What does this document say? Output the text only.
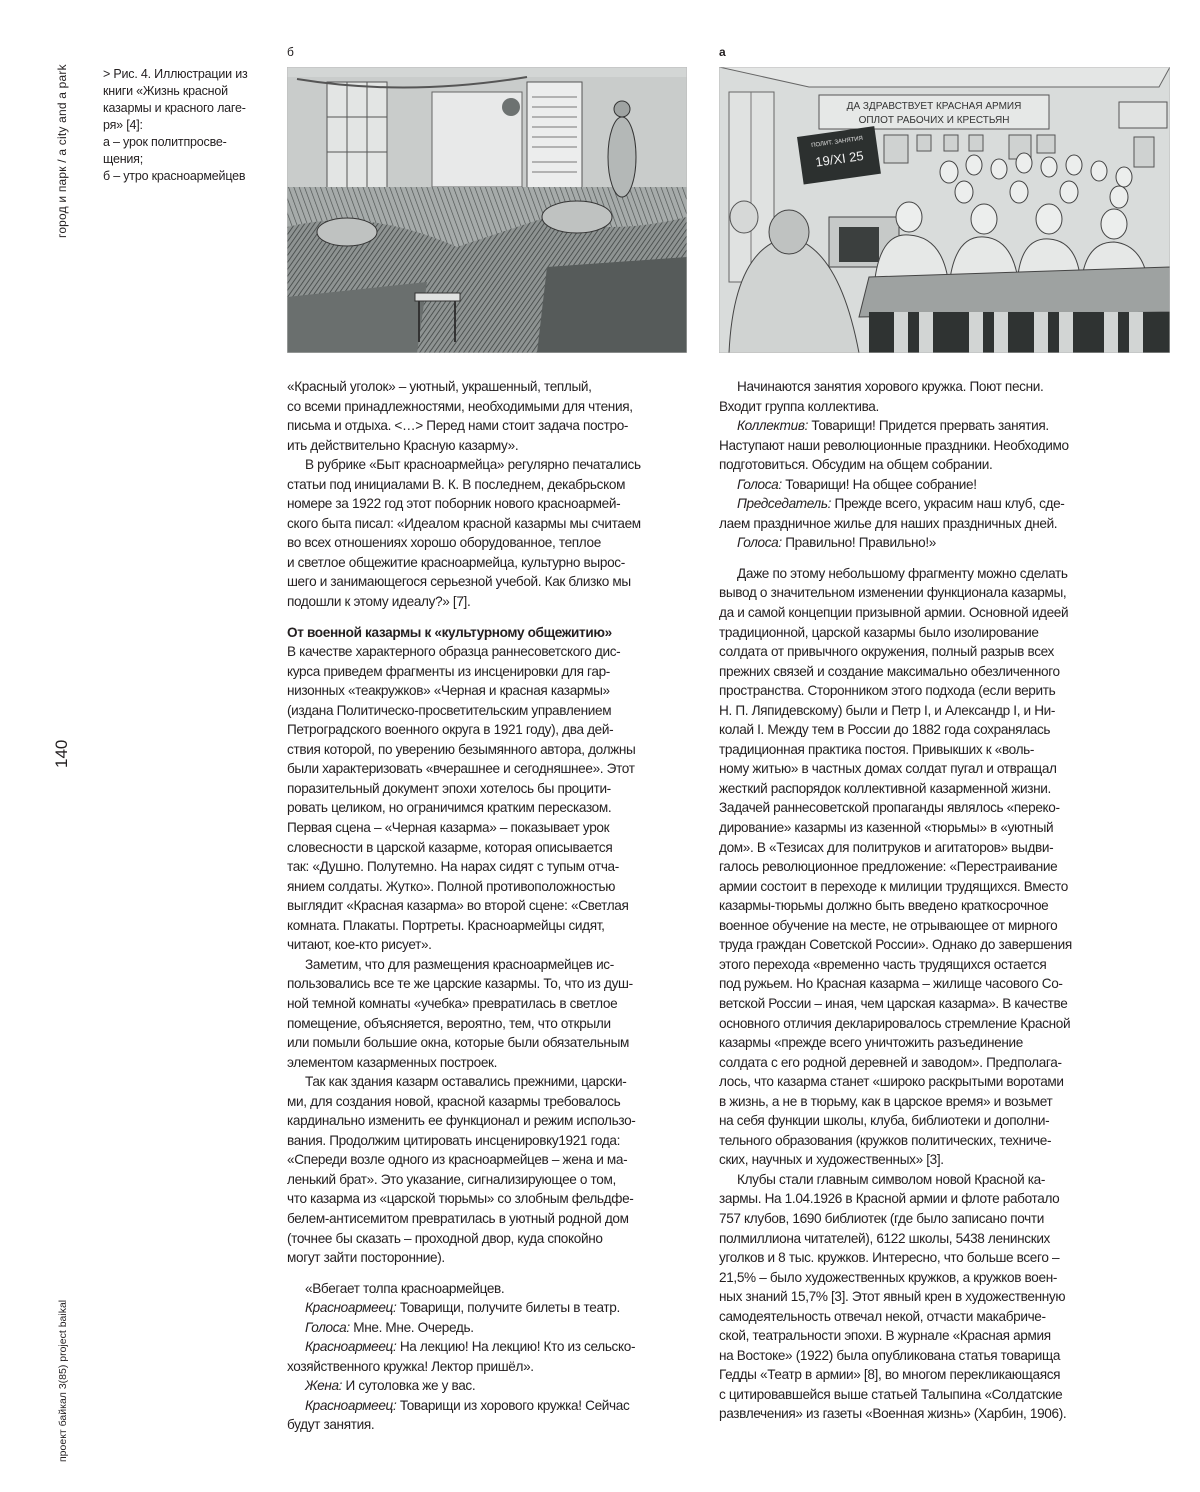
город и парк / a city and a park
140
проект байкал 3(85) project baikal
> Рис. 4. Иллюстрации из
книги «Жизнь красной
казармы и красного лаге-
ря» [4]:
а – урок политпросве-
щения;
б – утро красноармейцев
б	а
ДА ЗДРАВСТВУЕТ КРАСНАЯ АРМИЯ
ОПЛОТ РАБОЧИХ И КРЕСТЬЯН
ПОЛИТ. ЗАНЯТИЯ
19/XI 25
«Красный уголок» – уютный, украшенный, теплый,
со всеми принадлежностями, необходимыми для чтения,
письма и отдыха. <…> Перед нами стоит задача постро-
ить действительно Красную казарму».
В рубрике «Быт красноармейца» регулярно печатались
статьи под инициалами В. К. В последнем, декабрьском
номере за 1922 год этот поборник нового красноармей-
ского быта писал: «Идеалом красной казармы мы считаем
во всех отношениях хорошо оборудованное, теплое
и светлое общежитие красноармейца, культурно вырос-
шего и занимающегося серьезной учебой. Как близко мы
подошли к этому идеалу?» [7].
От военной казармы к «культурному общежитию»
В качестве характерного образца раннесоветского дис-
курса приведем фрагменты из инсценировки для гар-
низонных «теакружков» «Черная и красная казармы»
(издана Политическо-просветительским управлением
Петроградского военного округа в 1921 году), два дей-
ствия которой, по уверению безымянного автора, должны
были характеризовать «вчерашнее и сегодняшнее». Этот
поразительный документ эпохи хотелось бы процити-
ровать целиком, но ограничимся кратким пересказом.
Первая сцена – «Черная казарма» – показывает урок
словесности в царской казарме, которая описывается
так: «Душно. Полутемно. На нарах сидят с тупым отча-
янием солдаты. Жутко». Полной противоположностью
выглядит «Красная казарма» во второй сцене: «Светлая
комната. Плакаты. Портреты. Красноармейцы сидят,
читают, кое-кто рисует».
Заметим, что для размещения красноармейцев ис-
пользовались все те же царские казармы. То, что из душ-
ной темной комнаты «учебка» превратилась в светлое
помещение, объясняется, вероятно, тем, что открыли
или помыли большие окна, которые были обязательным
элементом казарменных построек.
Так как здания казарм оставались прежними, царски-
ми, для создания новой, красной казармы требовалось
кардинально изменить ее функционал и режим использо-
вания. Продолжим цитировать инсценировку1921 года:
«Спереди возле одного из красноармейцев – жена и ма-
ленький брат». Это указание, сигнализирующее о том,
что казарма из «царской тюрьмы» со злобным фельдфе-
белем-антисемитом превратилась в уютный родной дом
(точнее бы сказать – проходной двор, куда спокойно
могут зайти посторонние).
«Вбегает толпа красноармейцев.
Красноармеец: Товарищи, получите билеты в театр.
Голоса: Мне. Мне. Очередь.
Красноармеец: На лекцию! На лекцию! Кто из сельско-
хозяйственного кружка! Лектор пришёл».
Жена: И сутоловка же у вас.
Красноармеец: Товарищи из хорового кружка! Сейчас
будут занятия.
Начинаются занятия хорового кружка. Поют песни.
Входит группа коллектива.
Коллектив: Товарищи! Придется прервать занятия.
Наступают наши революционные праздники. Необходимо
подготовиться. Обсудим на общем собрании.
Голоса: Товарищи! На общее собрание!
Председатель: Прежде всего, украсим наш клуб, сде-
лаем праздничное жилье для наших праздничных дней.
Голоса: Правильно! Правильно!»
Даже по этому небольшому фрагменту можно сделать
вывод о значительном изменении функционала казармы,
да и самой концепции призывной армии. Основной идеей
традиционной, царской казармы было изолирование
солдата от привычного окружения, полный разрыв всех
прежних связей и создание максимально обезличенного
пространства. Сторонником этого подхода (если верить
Н. П. Ляпидевскому) были и Петр I, и Александр I, и Ни-
колай I. Между тем в России до 1882 года сохранялась
традиционная практика постоя. Привыкших к «воль-
ному житью» в частных домах солдат пугал и отвращал
жесткий распорядок коллективной казарменной жизни.
Задачей раннесоветской пропаганды являлось «переко-
дирование» казармы из казенной «тюрьмы» в «уютный
дом». В «Тезисах для политруков и агитаторов» выдви-
галось революционное предложение: «Перестраивание
армии состоит в переходе к милиции трудящихся. Вместо
казармы-тюрьмы должно быть введено краткосрочное
военное обучение на месте, не отрывающее от мирного
труда граждан Советской России». Однако до завершения
этого перехода «временно часть трудящихся остается
под ружьем. Но Красная казарма – жилище часового Со-
ветской России – иная, чем царская казарма». В качестве
основного отличия декларировалось стремление Красной
казармы «прежде всего уничтожить разъединение
солдата с его родной деревней и заводом». Предполага-
лось, что казарма станет «широко раскрытыми воротами
в жизнь, а не в тюрьму, как в царское время» и возьмет
на себя функции школы, клуба, библиотеки и дополни-
тельного образования (кружков политических, техниче-
ских, научных и художественных» [3].
Клубы стали главным символом новой Красной ка-
зармы. На 1.04.1926 в Красной армии и флоте работало
757 клубов, 1690 библиотек (где было записано почти
полмиллиона читателей), 6122 школы, 5438 ленинских
уголков и 8 тыс. кружков. Интересно, что больше всего –
21,5% – было художественных кружков, а кружков воен-
ных знаний 15,7% [3]. Этот явный крен в художественную
самодеятельность отвечал некой, отчасти макабриче-
ской, театральности эпохи. В журнале «Красная армия
на Востоке» (1922) была опубликована статья товарища
Гедды «Театр в армии» [8], во многом перекликающаяся
с цитировавшейся выше статьей Талыпина «Солдатские
развлечения» из газеты «Военная жизнь» (Харбин, 1906).
